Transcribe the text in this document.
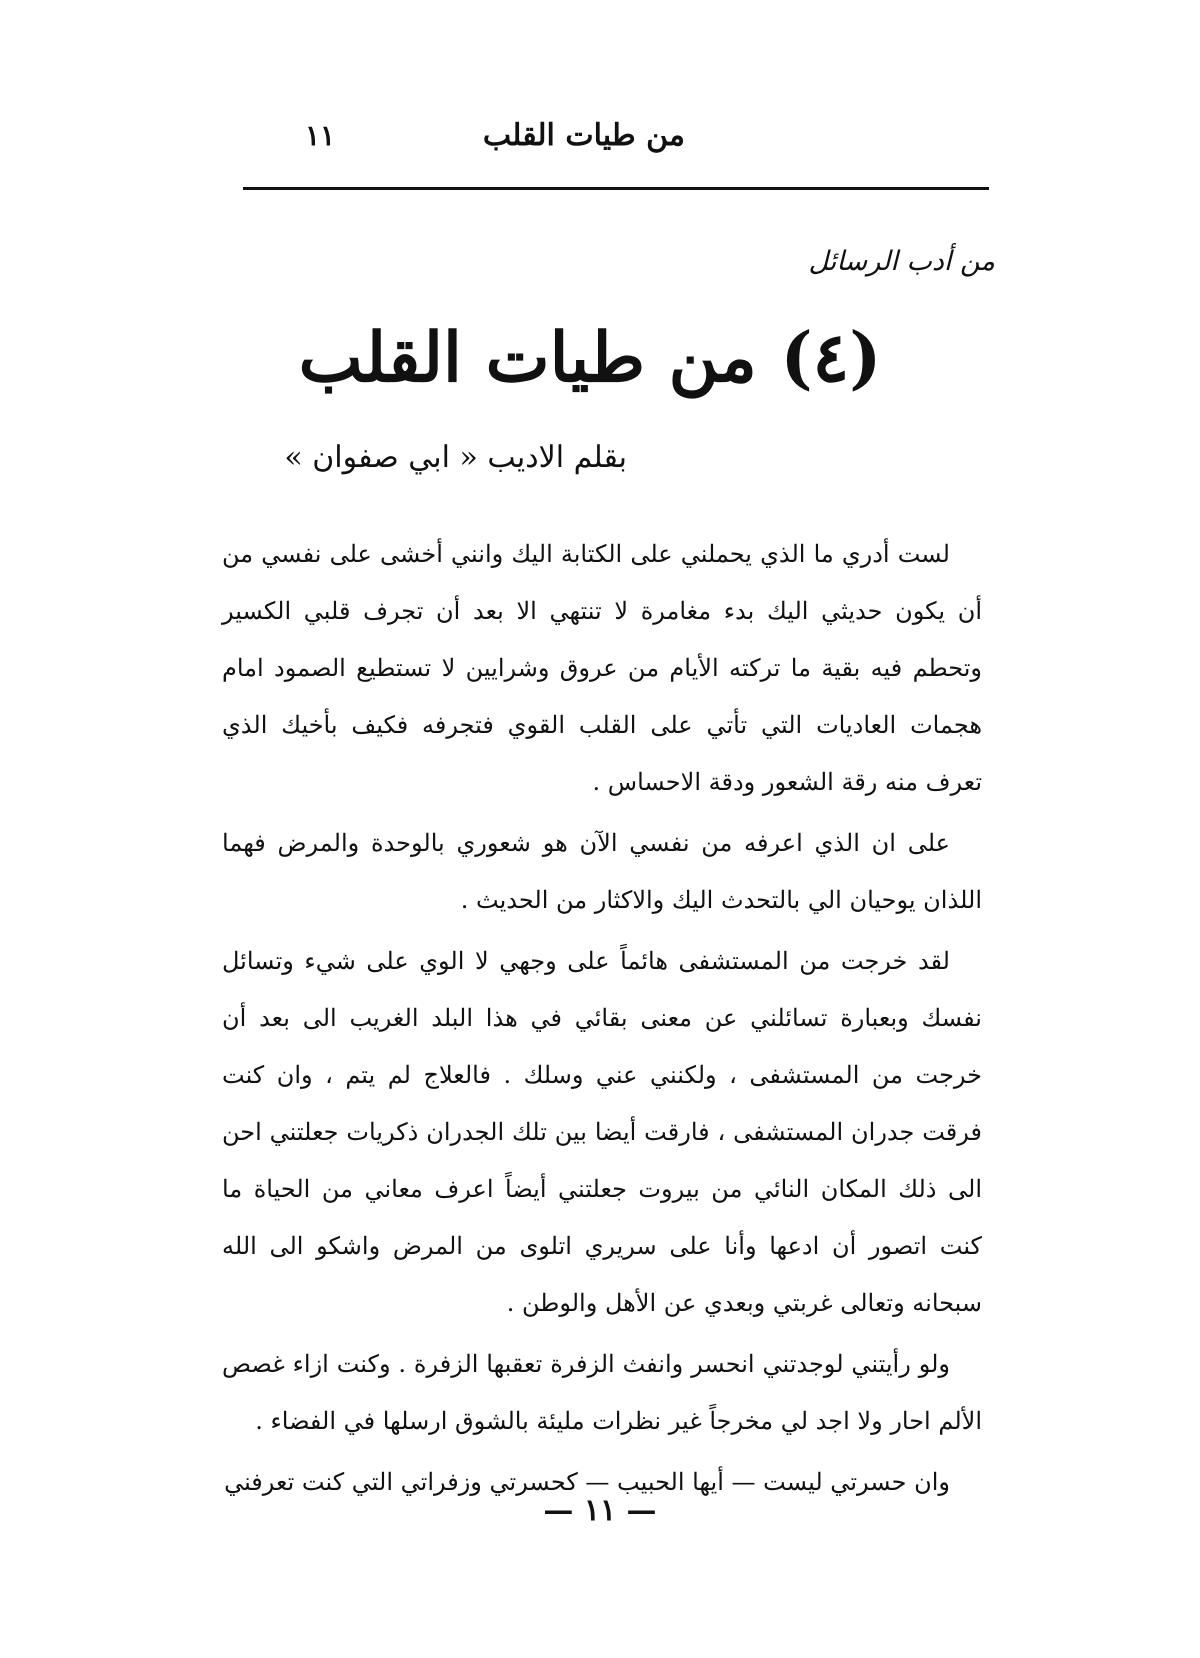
من طيات القلب
١١
من أدب الرسائل
(٤) من طيات القلب
بقلم الاديب « ابي صفوان »

لست أدري ما الذي يحملني على الكتابة اليك وانني أخشى على نفسي من أن يكون حديثي اليك بدء مغامرة لا تنتهي الا بعد أن تجرف قلبي الكسير وتحطم فيه بقية ما تركته الأيام من عروق وشرايين لا تستطيع الصمود امام هجمات العاديات التي تأتي على القلب القوي فتجرفه فكيف بأخيك الذي تعرف منه رقة الشعور ودقة الاحساس .

على ان الذي اعرفه من نفسي الآن هو شعوري بالوحدة والمرض فهما اللذان يوحيان الي بالتحدث اليك والاكثار من الحديث .

لقد خرجت من المستشفى هائماً على وجهي لا الوي على شيء وتسائل نفسك وبعبارة تسائلني عن معنى بقائي في هذا البلد الغريب الى بعد أن خرجت من المستشفى ، ولكنني عني وسلك . فالعلاج لم يتم ، وان كنت فرقت جدران المستشفى ، فارقت أيضا بين تلك الجدران ذكريات جعلتني احن الى ذلك المكان النائي من بيروت جعلتني أيضاً اعرف معاني من الحياة ما كنت اتصور أن ادعها وأنا على سريري اتلوى من المرض واشكو الى الله سبحانه وتعالى غربتي وبعدي عن الأهل والوطن .

ولو رأيتني لوجدتني انحسر وانفث الزفرة تعقبها الزفرة . وكنت ازاء غصص الألم احار ولا اجد لي مخرجاً غير نظرات مليئة بالشوق ارسلها في الفضاء .

وان حسرتي ليست — أيها الحبيب — كحسرتي وزفراتي التي كنت تعرفني

— ١١ —
